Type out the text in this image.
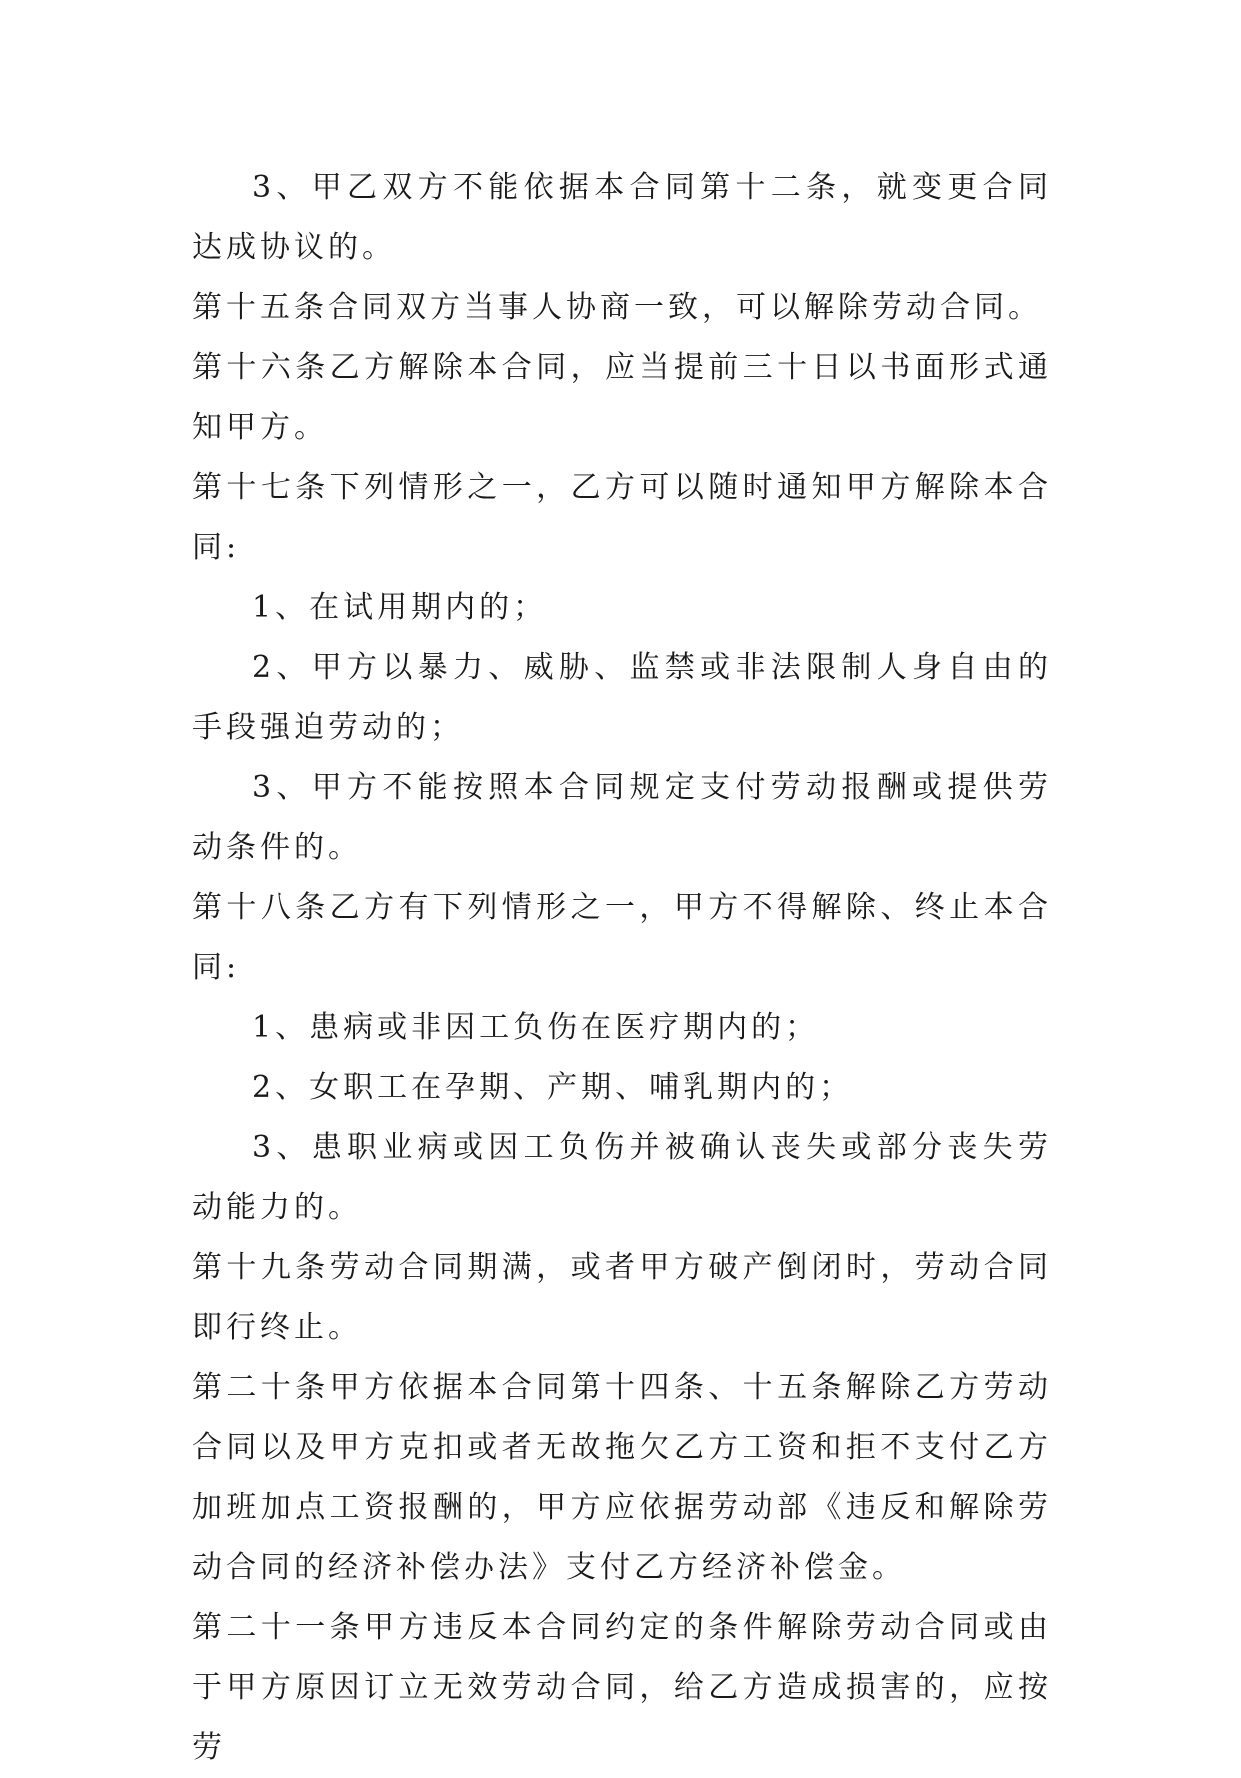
3、甲乙双方不能依据本合同第十二条，就变更合同达成协议的。

第十五条合同双方当事人协商一致，可以解除劳动合同。

第十六条乙方解除本合同，应当提前三十日以书面形式通知甲方。

第十七条下列情形之一，乙方可以随时通知甲方解除本合同:

1、在试用期内的；

2、甲方以暴力、威胁、监禁或非法限制人身自由的手段强迫劳动的；

3、甲方不能按照本合同规定支付劳动报酬或提供劳动条件的。

第十八条乙方有下列情形之一，甲方不得解除、终止本合同:

1、患病或非因工负伤在医疗期内的；

2、女职工在孕期、产期、哺乳期内的；

3、患职业病或因工负伤并被确认丧失或部分丧失劳动能力的。

第十九条劳动合同期满，或者甲方破产倒闭时，劳动合同即行终止。

第二十条甲方依据本合同第十四条、十五条解除乙方劳动合同以及甲方克扣或者无故拖欠乙方工资和拒不支付乙方加班加点工资报酬的，甲方应依据劳动部《违反和解除劳动合同的经济补偿办法》支付乙方经济补偿金。

第二十一条甲方违反本合同约定的条件解除劳动合同或由于甲方原因订立无效劳动合同，给乙方造成损害的，应按劳
